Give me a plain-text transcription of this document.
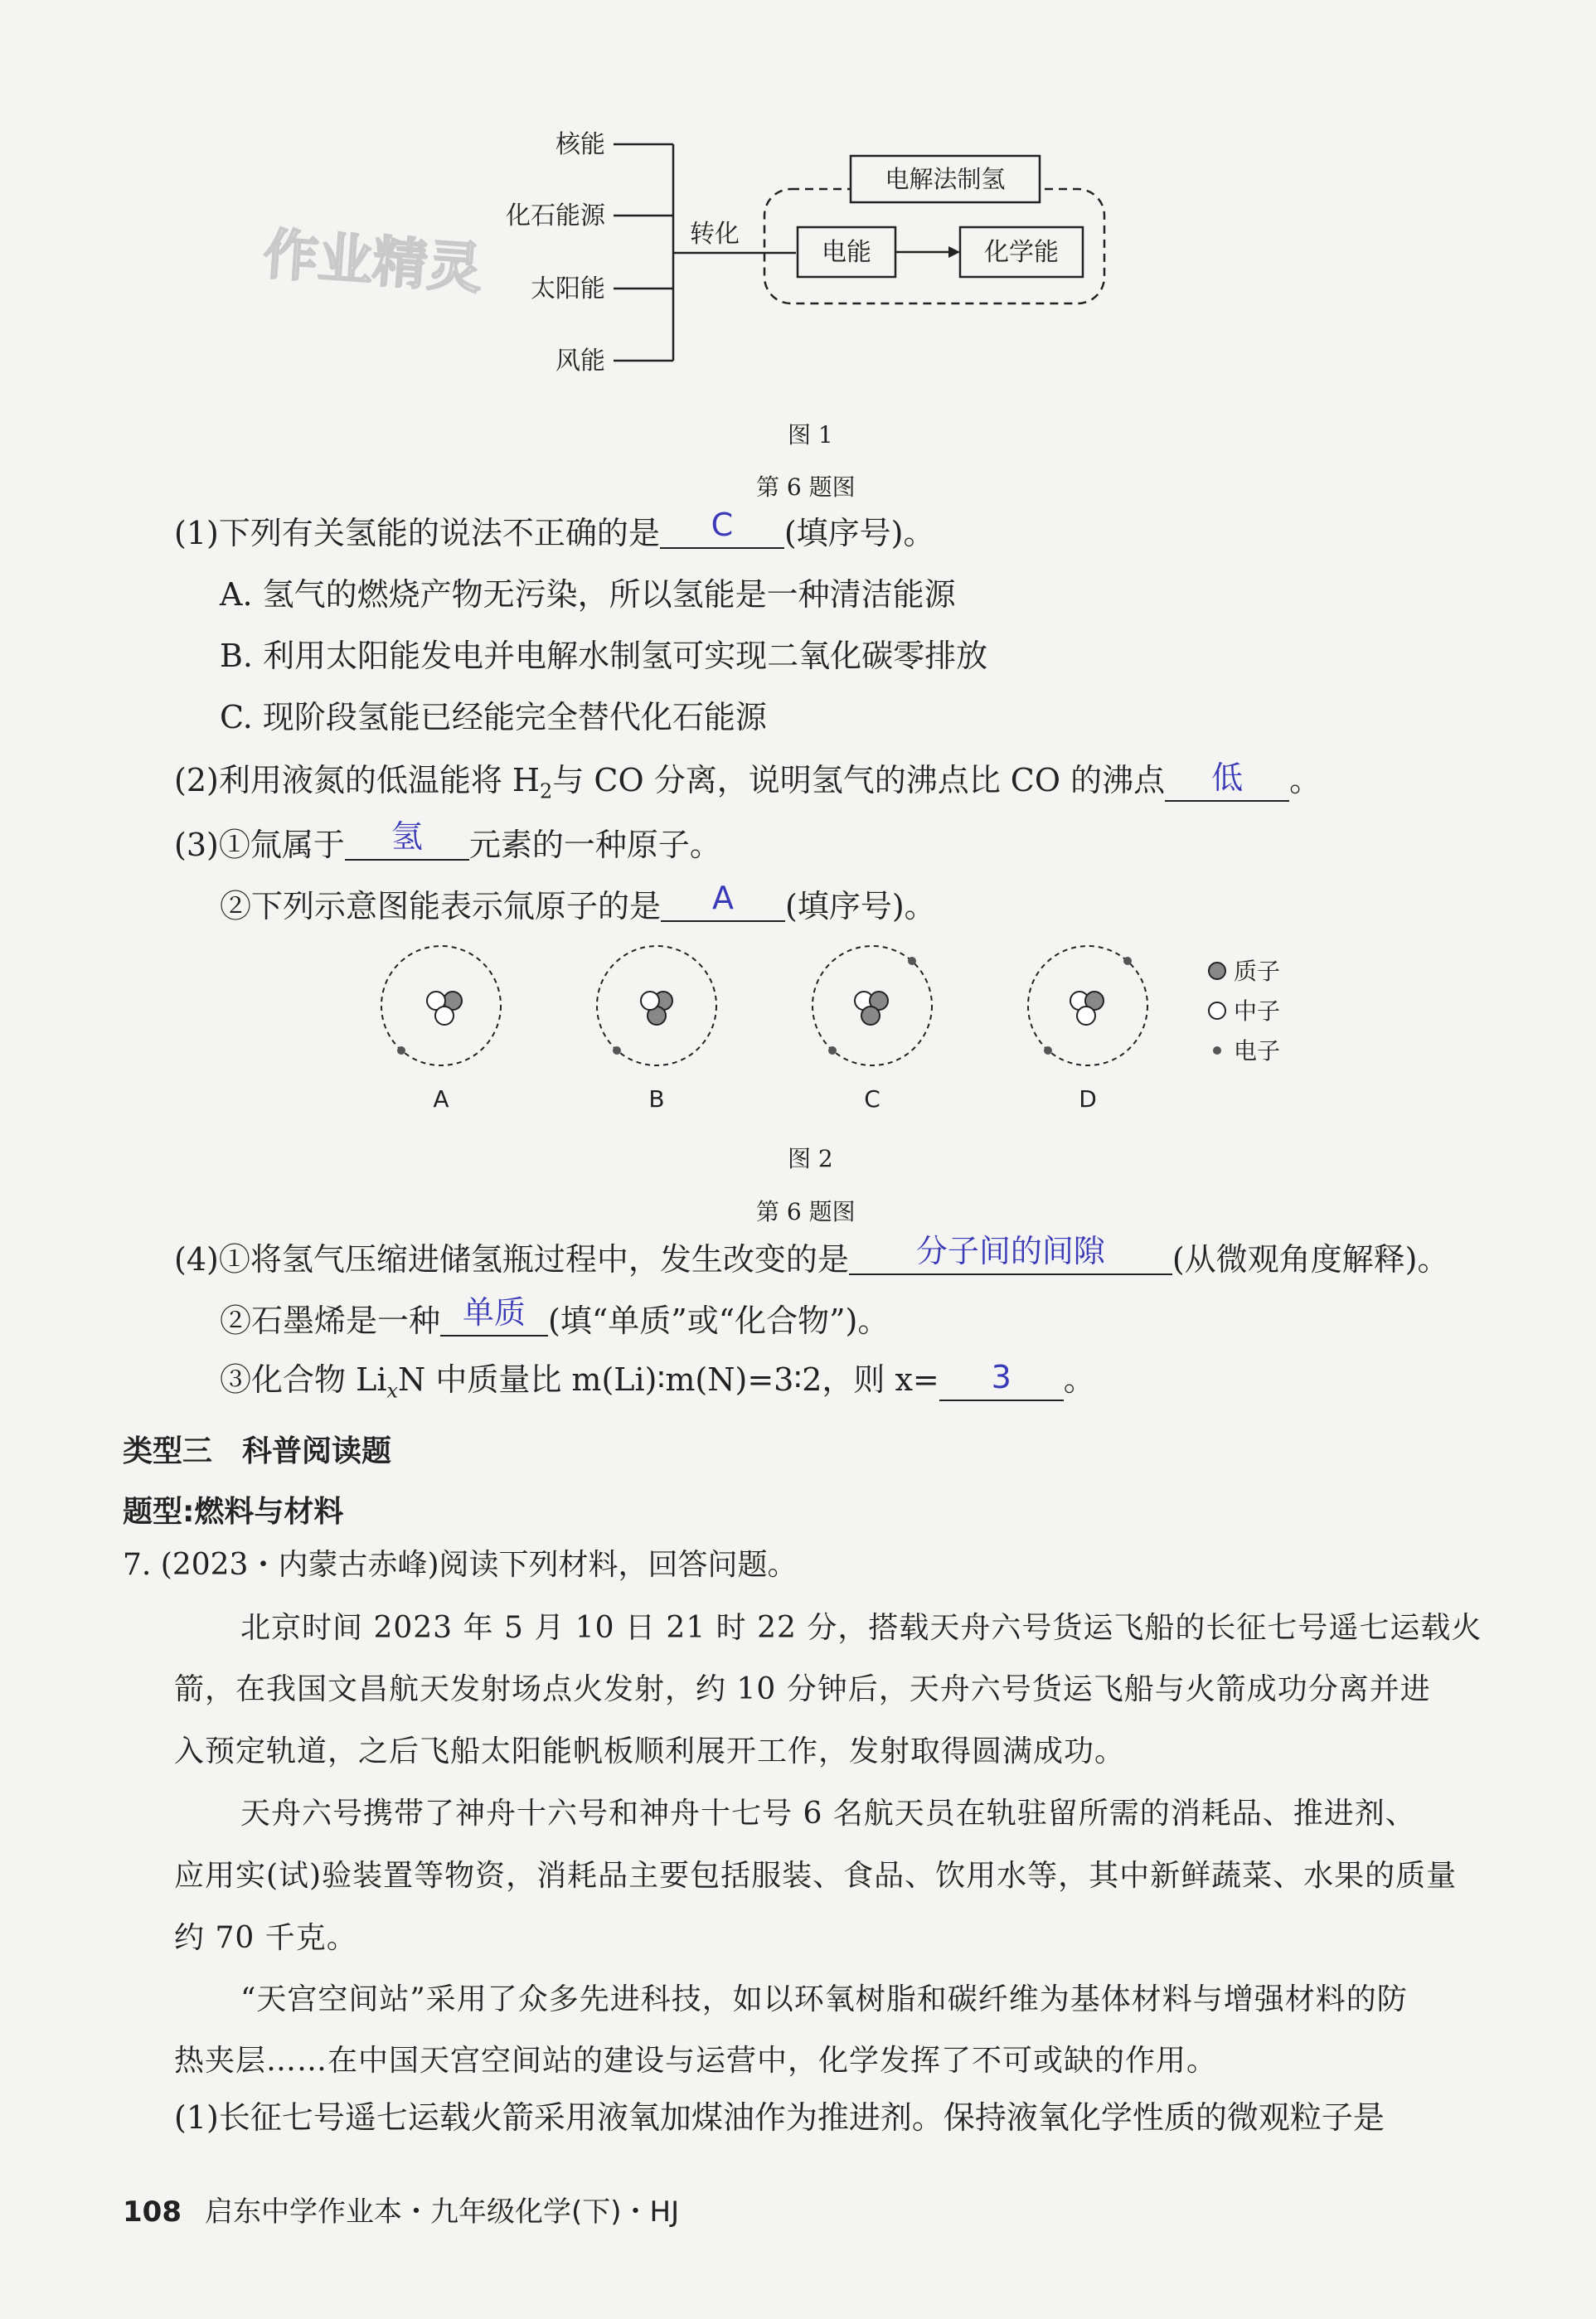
核能
化石能源
太阳能
风能
转化
电解法制氢
电能	化学能
作业精灵
图 1
第 6 题图
(1)下列有关氢能的说法不正确的是	C	(填序号)。
A. 氢气的燃烧产物无污染，所以氢能是一种清洁能源
B. 利用太阳能发电并电解水制氢可实现二氧化碳零排放
C. 现阶段氢能已经能完全替代化石能源
(2)利用液氮的低温能将 $H_2$与 CO 分离，说明氢气的沸点比 CO 的沸点	低	。
(3)①氚属于	氢	元素的一种原子。
②下列示意图能表示氚原子的是	A	(填序号)。
A	B	C	D
质子
中子
电子
图 2
第 6 题图
(4)①将氢气压缩进储氢瓶过程中，发生改变的是	分子间的间隙	(从微观角度解释)。
②石墨烯是一种 单质 (填“单质”或“化合物”)。
③化合物 $Li_xN$ 中质量比 m(Li)∶m(N)=3∶2，则 x=	3	。
类型三　科普阅读题
题型:燃料与材料
7. (2023・内蒙古赤峰)阅读下列材料，回答问题。
北京时间 2023 年 5 月 10 日 21 时 22 分，搭载天舟六号货运飞船的长征七号遥七运载火
箭，在我国文昌航天发射场点火发射，约 10 分钟后，天舟六号货运飞船与火箭成功分离并进
入预定轨道，之后飞船太阳能帆板顺利展开工作，发射取得圆满成功。
天舟六号携带了神舟十六号和神舟十七号 6 名航天员在轨驻留所需的消耗品、推进剂、
应用实(试)验装置等物资，消耗品主要包括服装、食品、饮用水等，其中新鲜蔬菜、水果的质量
约 70 千克。
“天宫空间站”采用了众多先进科技，如以环氧树脂和碳纤维为基体材料与增强材料的防
热夹层……在中国天宫空间站的建设与运营中，化学发挥了不可或缺的作用。
(1)长征七号遥七运载火箭采用液氧加煤油作为推进剂。保持液氧化学性质的微观粒子是
108 启东中学作业本・九年级化学(下)・HJ
